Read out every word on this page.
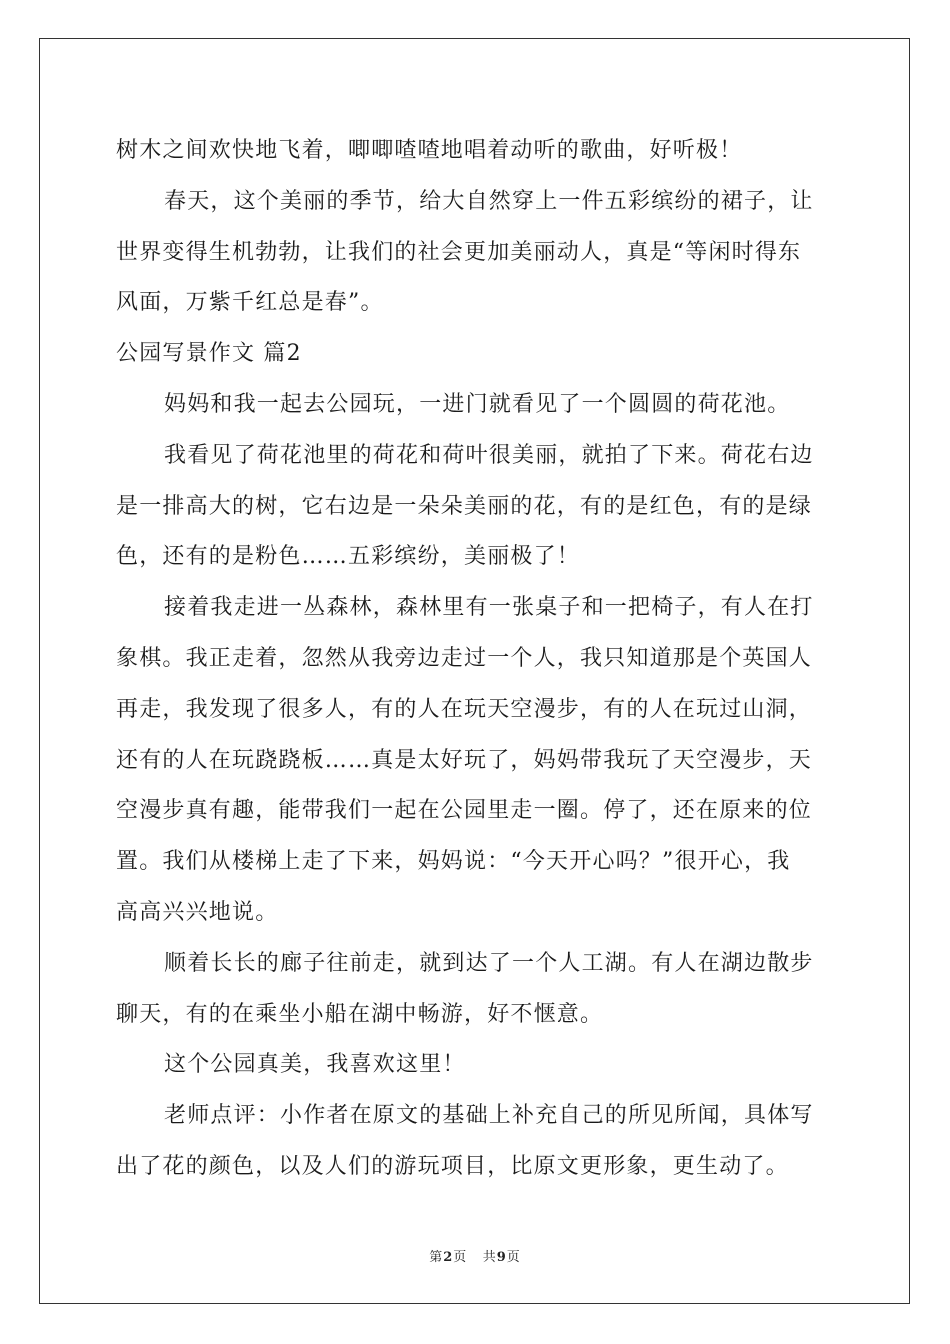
树木之间欢快地飞着，唧唧喳喳地唱着动听的歌曲，好听极！
春天，这个美丽的季节，给大自然穿上一件五彩缤纷的裙子，让
世界变得生机勃勃，让我们的社会更加美丽动人，真是“等闲时得东
风面，万紫千红总是春”。
公园写景作文 篇2
妈妈和我一起去公园玩，一进门就看见了一个圆圆的荷花池。
我看见了荷花池里的荷花和荷叶很美丽，就拍了下来。荷花右边
是一排高大的树，它右边是一朵朵美丽的花，有的是红色，有的是绿
色，还有的是粉色……五彩缤纷，美丽极了！
接着我走进一丛森林，森林里有一张桌子和一把椅子，有人在打
象棋。我正走着，忽然从我旁边走过一个人，我只知道那是个英国人
再走，我发现了很多人，有的人在玩天空漫步，有的人在玩过山洞，
还有的人在玩跷跷板……真是太好玩了，妈妈带我玩了天空漫步，天
空漫步真有趣，能带我们一起在公园里走一圈。停了，还在原来的位
置。我们从楼梯上走了下来，妈妈说：“今天开心吗？”很开心，我
高高兴兴地说。
顺着长长的廊子往前走，就到达了一个人工湖。有人在湖边散步
聊天，有的在乘坐小船在湖中畅游，好不惬意。
这个公园真美，我喜欢这里！
老师点评：小作者在原文的基础上补充自己的所见所闻，具体写
出了花的颜色，以及人们的游玩项目，比原文更形象，更生动了。
第2页 共9页
